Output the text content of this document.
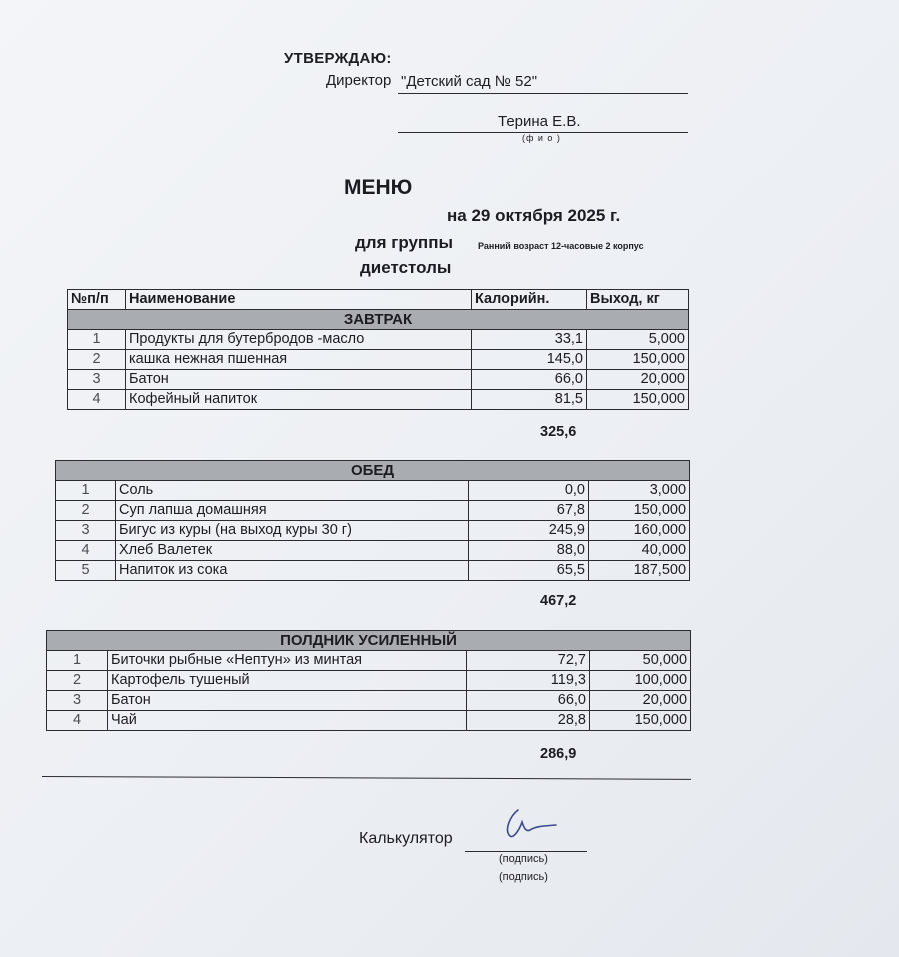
УТВЕРЖДАЮ:
Директор "Детский сад № 52"
Терина Е.В.
(ф и о )
МЕНЮ
на 29 октября 2025 г.
для группы	Ранний возраст 12-часовые 2 корпус
диетстолы
№п/п	Наименование	Калорийн.	Выход, кг
ЗАВТРАК			
1	Продукты для бутербродов -масло	33,1	5,000
2	кашка нежная пшенная	145,0	150,000
3	Батон	66,0	20,000
4	Кофейный напиток	81,5	150,000
325,6
ОБЕД			
1	Соль	0,0	3,000
2	Суп лапша домашняя	67,8	150,000
3	Бигус из куры (на выход куры 30 г)	245,9	160,000
4	Хлеб Валетек	88,0	40,000
5	Напиток из сока	65,5	187,500
467,2
ПОЛДНИК УСИЛЕННЫЙ			
1	Биточки рыбные «Нептун» из минтая	72,7	50,000
2	Картофель тушеный	119,3	100,000
3	Батон	66,0	20,000
4	Чай	28,8	150,000
286,9
Калькулятор
(подпись)
(подпись)
